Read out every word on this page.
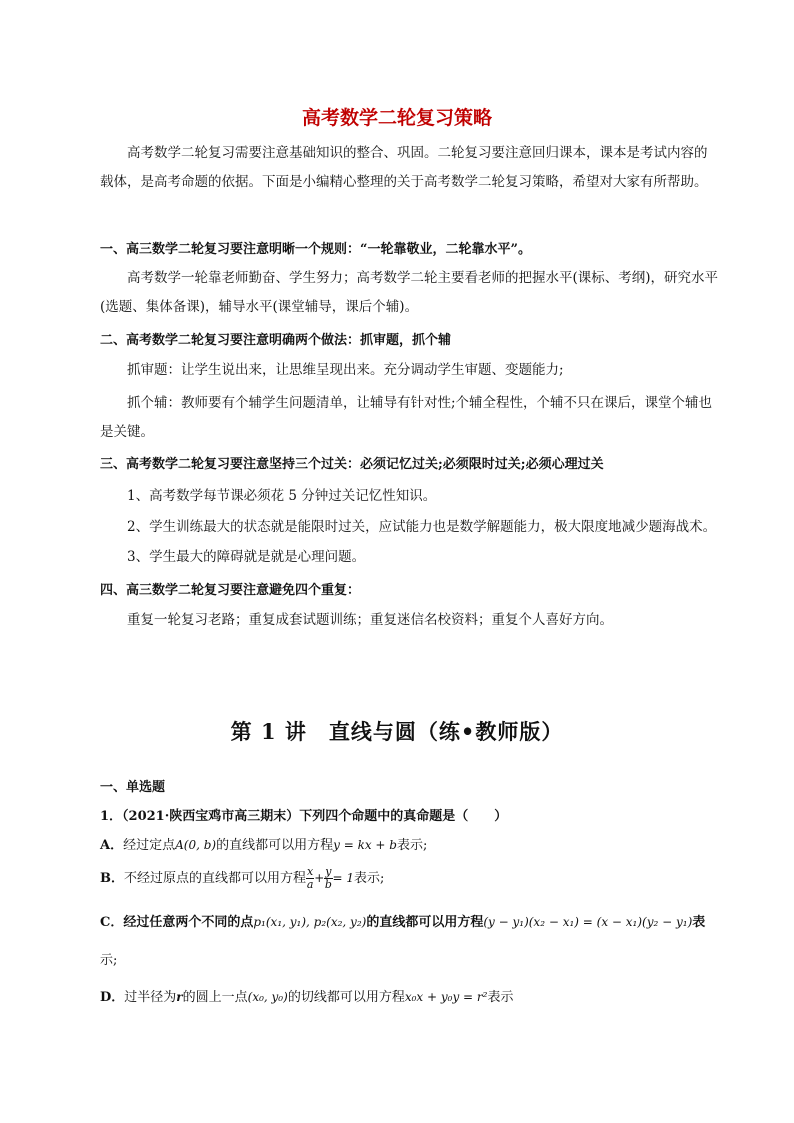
高考数学二轮复习策略

高考数学二轮复习需要注意基础知识的整合、巩固。二轮复习要注意回归课本，课本是考试内容的载体，是高考命题的依据。下面是小编精心整理的关于高考数学二轮复习策略，希望对大家有所帮助。

一、高三数学二轮复习要注意明晰一个规则：“一轮靠敬业，二轮靠水平”。

高考数学一轮靠老师勤奋、学生努力；高考数学二轮主要看老师的把握水平(课标、考纲)，研究水平(选题、集体备课)，辅导水平(课堂辅导，课后个辅)。

二、高考数学二轮复习要注意明确两个做法：抓审题，抓个辅

抓审题：让学生说出来，让思维呈现出来。充分调动学生审题、变题能力;

抓个辅：教师要有个辅学生问题清单，让辅导有针对性;个辅全程性，个辅不只在课后，课堂个辅也是关键。

三、高考数学二轮复习要注意坚持三个过关：必须记忆过关;必须限时过关;必须心理过关

1、高考数学每节课必须花 5 分钟过关记忆性知识。

2、学生训练最大的状态就是能限时过关，应试能力也是数学解题能力，极大限度地减少题海战术。

3、学生最大的障碍就是就是心理问题。

四、高三数学二轮复习要注意避免四个重复：

重复一轮复习老路；重复成套试题训练；重复迷信名校资料；重复个人喜好方向。

第 1 讲　直线与圆（练•教师版）
一、单选题
1．（2021·陕西宝鸡市高三期末）下列四个命题中的真命题是（　　）
A．经过定点A(0, b)的直线都可以用方程y = kx + b表示;
B．不经过原点的直线都可以用方程 $\frac{x}{a} + \frac{y}{b} = 1$表示;
C．经过任意两个不同的点p₁(x₁, y₁), p₂(x₂, y₂)的直线都可以用方程(y − y₁)(x₂ − x₁) = (x − x₁)(y₂ − y₁)表
示;
D．过半径为r的圆上一点(x₀, y₀)的切线都可以用方程x₀x + y₀y = r²表示
